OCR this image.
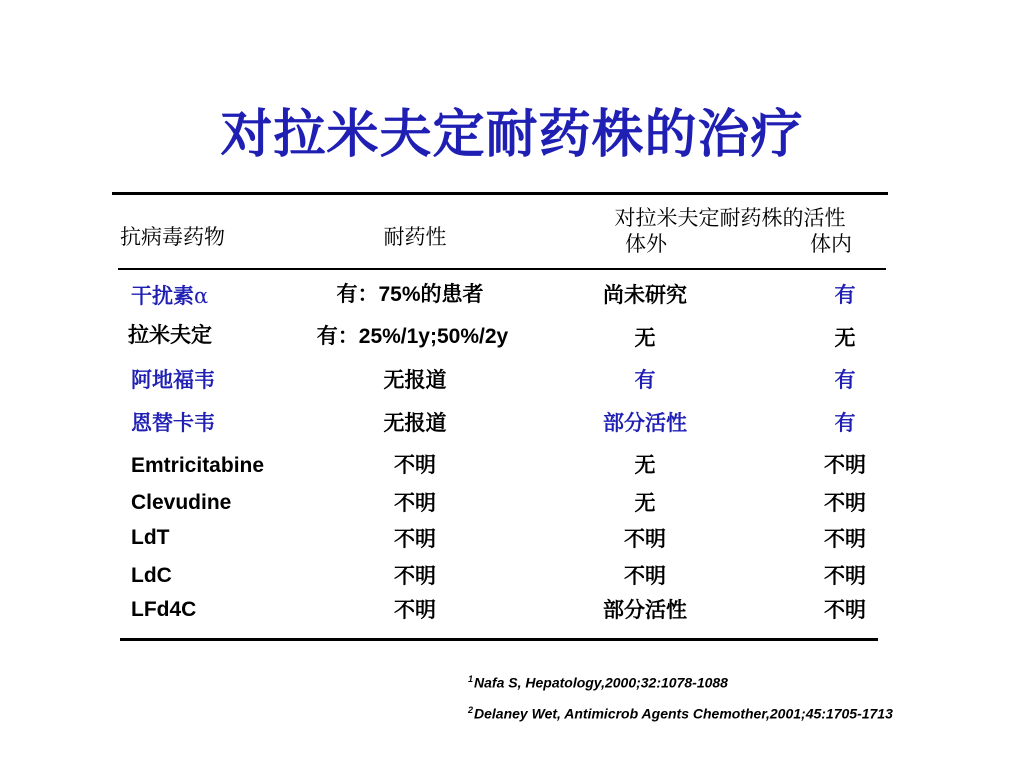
对拉米夫定耐药株的治疗
抗病毒药物	耐药性
对拉米夫定耐药株的活性
体外	体内
干扰素α	有：75%的患者	尚未研究	有
拉米夫定	有：25%/1y;50%/2y	无	无
阿地福韦	无报道	有	有
恩替卡韦	无报道	部分活性	有
Emtricitabine	不明	无	不明
Clevudine	不明	无	不明
LdT	不明	不明	不明
LdC	不明	不明	不明
LFd4C	不明	部分活性	不明
$^1$Nafa S, Hepatology,2000;32:1078-1088
$^2$Delaney Wet, Antimicrob Agents Chemother,2001;45:1705-1713
